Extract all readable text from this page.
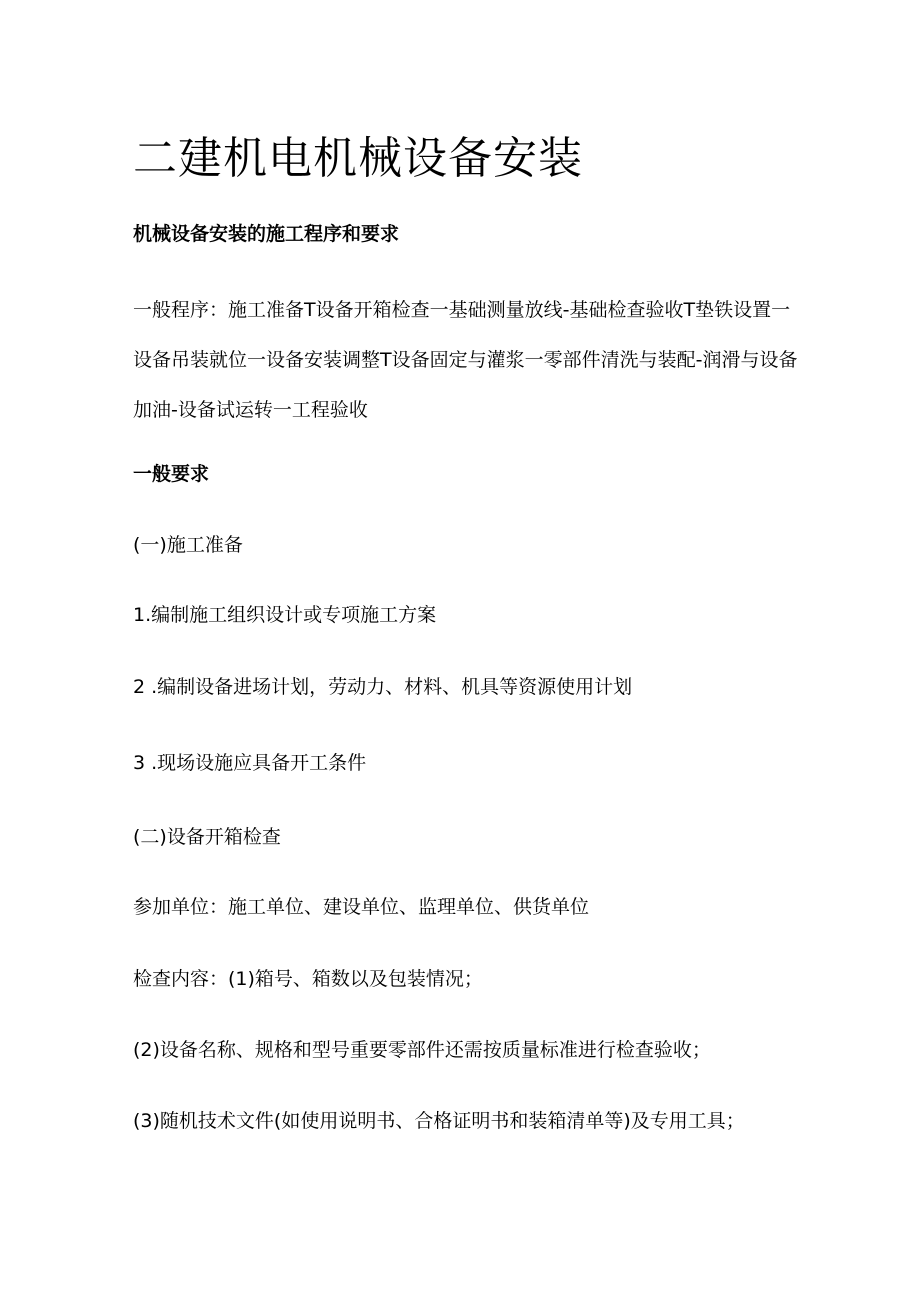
二建机电机械设备安装

机械设备安装的施工程序和要求

一般程序：施工准备T设备开箱检查一基础测量放线-基础检查验收T垫铁设置一设备吊装就位一设备安装调整T设备固定与灌浆一零部件清洗与装配-润滑与设备加油-设备试运转一工程验收

一般要求

(一)施工准备

1.编制施工组织设计或专项施工方案

2 .编制设备进场计划，劳动力、材料、机具等资源使用计划

3 .现场设施应具备开工条件

(二)设备开箱检查

参加单位：施工单位、建设单位、监理单位、供货单位

检查内容：(1)箱号、箱数以及包装情况；

(2)设备名称、规格和型号重要零部件还需按质量标准进行检查验收；

(3)随机技术文件(如使用说明书、合格证明书和装箱清单等)及专用工具；
